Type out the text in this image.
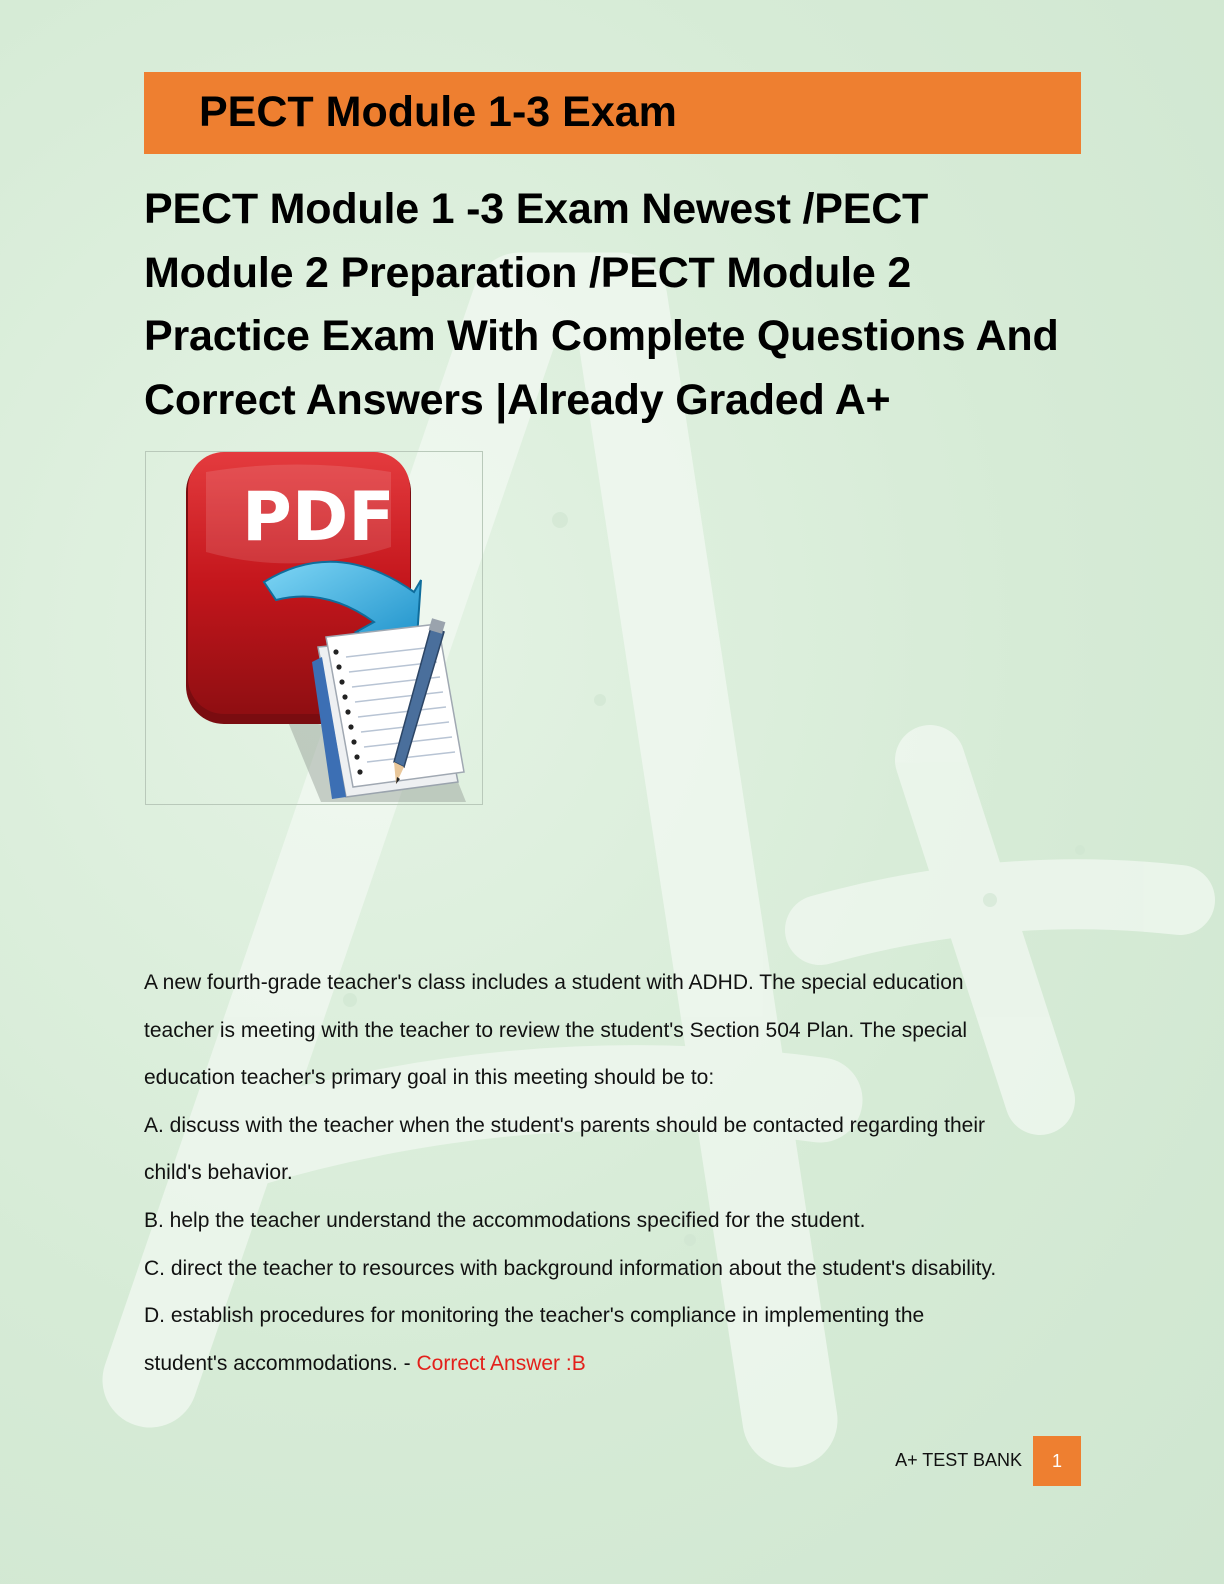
PECT Module 1-3 Exam
PECT Module 1 -3 Exam Newest /PECT Module 2 Preparation /PECT Module 2 Practice Exam With Complete Questions And Correct Answers |Already Graded A+
PDF

A new fourth-grade teacher's class includes a student with ADHD. The special education teacher is meeting with the teacher to review the student's Section 504 Plan. The special education teacher's primary goal in this meeting should be to:

A. discuss with the teacher when the student's parents should be contacted regarding their child's behavior.

B. help the teacher understand the accommodations specified for the student.

C. direct the teacher to resources with background information about the student's disability.

D. establish procedures for monitoring the teacher's compliance in implementing the student's accommodations. - Correct Answer :B

A+ TEST BANK	1
